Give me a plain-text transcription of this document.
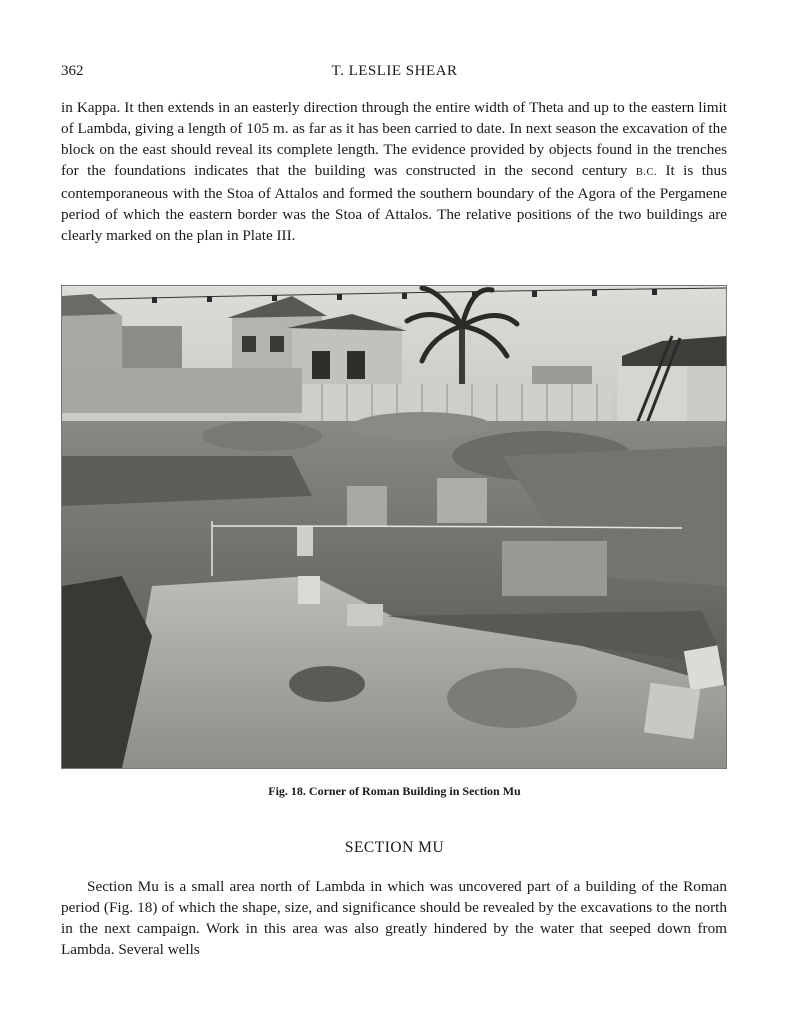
362	T. LESLIE SHEAR

in Kappa. It then extends in an easterly direction through the entire width of Theta and up to the eastern limit of Lambda, giving a length of 105 m. as far as it has been carried to date. In next season the excavation of the block on the east should reveal its complete length. The evidence provided by objects found in the trenches for the foundations indicates that the building was constructed in the second century B.C. It is thus contemporaneous with the Stoa of Attalos and formed the southern boundary of the Agora of the Pergamene period of which the eastern border was the Stoa of Attalos. The relative positions of the two buildings are clearly marked on the plan in Plate III.

Fig. 18. Corner of Roman Building in Section Mu
SECTION MU

Section Mu is a small area north of Lambda in which was uncovered part of a building of the Roman period (Fig. 18) of which the shape, size, and significance should be revealed by the excavations to the north in the next campaign. Work in this area was also greatly hindered by the water that seeped down from Lambda. Several wells
